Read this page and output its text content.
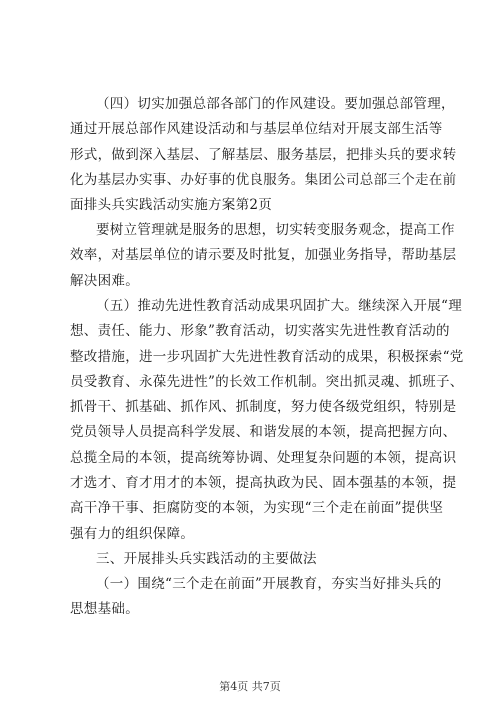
（四）切实加强总部各部门的作风建设。要加强总部管理，
通过开展总部作风建设活动和与基层单位结对开展支部生活等
形式，做到深入基层、了解基层、服务基层，把排头兵的要求转
化为基层办实事、办好事的优良服务。集团公司总部三个走在前
面排头兵实践活动实施方案第2页
要树立管理就是服务的思想，切实转变服务观念，提高工作
效率，对基层单位的请示要及时批复，加强业务指导，帮助基层
解决困难。
（五）推动先进性教育活动成果巩固扩大。继续深入开展“理
想、责任、能力、形象”教育活动，切实落实先进性教育活动的
整改措施，进一步巩固扩大先进性教育活动的成果，积极探索“党
员受教育、永葆先进性”的长效工作机制。突出抓灵魂、抓班子、
抓骨干、抓基础、抓作风、抓制度，努力使各级党组织，特别是
党员领导人员提高科学发展、和谐发展的本领，提高把握方向、
总揽全局的本领，提高统筹协调、处理复杂问题的本领，提高识
才选才、育才用才的本领，提高执政为民、固本强基的本领，提
高干净干事、拒腐防变的本领，为实现“三个走在前面”提供坚
强有力的组织保障。
三、开展排头兵实践活动的主要做法
（一）围绕“三个走在前面”开展教育，夯实当好排头兵的
思想基础。
第4页 共7页
